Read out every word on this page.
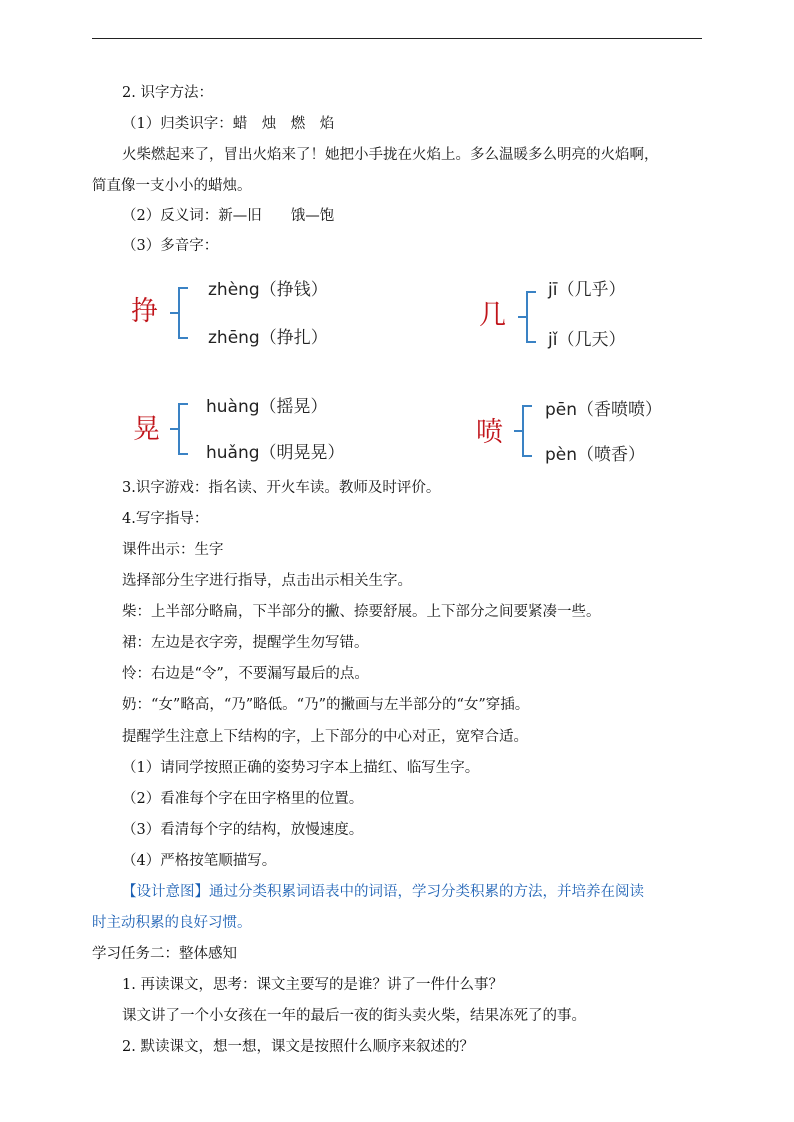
2. 识字方法：
（1）归类识字：蜡　烛　燃　焰
火柴燃起来了，冒出火焰来了！她把小手拢在火焰上。多么温暖多么明亮的火焰啊，
简直像一支小小的蜡烛。
（2）反义词：新—旧　　饿—饱
（3）多音字：
挣
zhèng（挣钱）
zhēng（挣扎）
几
jī（几乎）
jǐ（几天）
晃
huàng（摇晃）
huǎng（明晃晃）
喷
pēn（香喷喷）
pèn（喷香）
3.识字游戏：指名读、开火车读。教师及时评价。
4.写字指导：
课件出示：生字
选择部分生字进行指导，点击出示相关生字。
柴：上半部分略扁，下半部分的撇、捺要舒展。上下部分之间要紧凑一些。
裙：左边是衣字旁，提醒学生勿写错。
怜：右边是“令”，不要漏写最后的点。
奶：“女”略高，“乃”略低。“乃”的撇画与左半部分的“女”穿插。
提醒学生注意上下结构的字，上下部分的中心对正，宽窄合适。
（1）请同学按照正确的姿势习字本上描红、临写生字。
（2）看准每个字在田字格里的位置。
（3）看清每个字的结构，放慢速度。
（4）严格按笔顺描写。
【设计意图】通过分类积累词语表中的词语，学习分类积累的方法，并培养在阅读
时主动积累的良好习惯。
学习任务二：整体感知
1. 再读课文，思考：课文主要写的是谁？讲了一件什么事？
课文讲了一个小女孩在一年的最后一夜的街头卖火柴，结果冻死了的事。
2. 默读课文，想一想，课文是按照什么顺序来叙述的？
